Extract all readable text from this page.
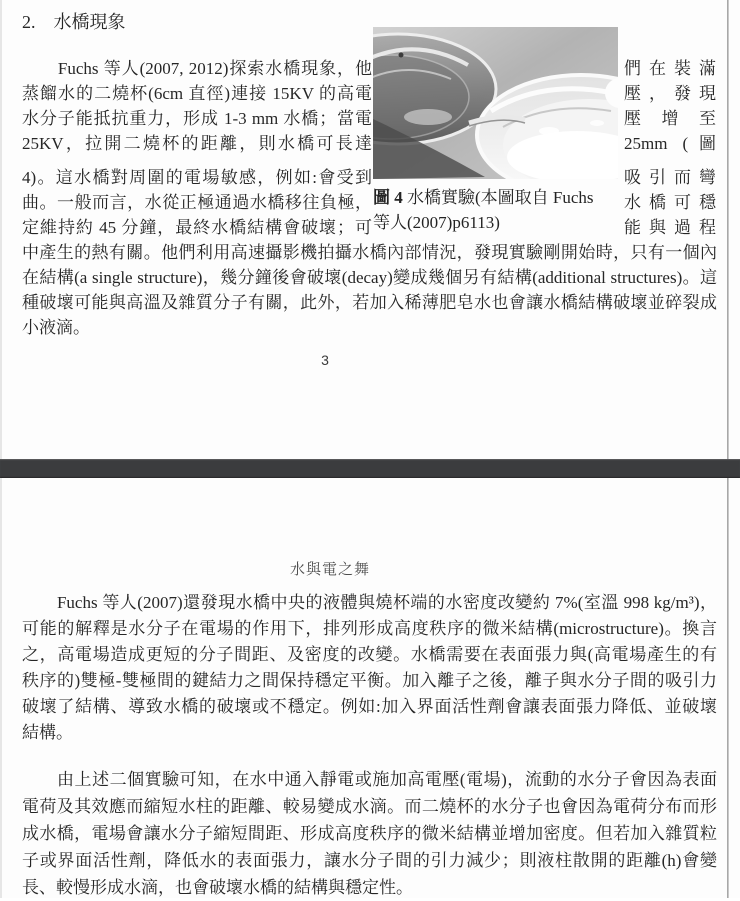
2.　水橋現象
　　Fuchs 等人(2007, 2012)探索水橋現象，他
蒸餾水的二燒杯(6cm 直徑)連接 15KV 的高電
水分子能抵抗重力，形成 1-3 mm 水橋；當電
25KV，拉開二燒杯的距離，則水橋可長達
4)。這水橋對周圍的電場敏感，例如:會受到
曲。一般而言，水從正極通過水橋移往負極，
定維持約 45 分鐘，最終水橋結構會破壞；可
圖 4 水橋實驗(本圖取自 Fuchs 等人(2007)p6113)
們在裝滿
壓，發現
壓增至
25mm (圖
吸引而彎
水橋可穩
能與過程
中產生的熱有關。他們利用高速攝影機拍攝水橋內部情況，發現實驗剛開始時，只有一個內
在結構(a single structure)，幾分鐘後會破壞(decay)變成幾個另有結構(additional structures)。這
種破壞可能與高溫及雜質分子有關，此外，若加入稀薄肥皂水也會讓水橋結構破壞並碎裂成
小液滴。
3
水與電之舞
　　Fuchs 等人(2007)還發現水橋中央的液體與燒杯端的水密度改變約 7%(室溫 998 kg/m³)，
可能的解釋是水分子在電場的作用下，排列形成高度秩序的微米結構(microstructure)。換言
之，高電場造成更短的分子間距、及密度的改變。水橋需要在表面張力與(高電場產生的有
秩序的)雙極-雙極間的鍵結力之間保持穩定平衡。加入離子之後，離子與水分子間的吸引力
破壞了結構、導致水橋的破壞或不穩定。例如:加入界面活性劑會讓表面張力降低、並破壞
結構。
　　由上述二個實驗可知，在水中通入靜電或施加高電壓(電場)，流動的水分子會因為表面
電荷及其效應而縮短水柱的距離、較易變成水滴。而二燒杯的水分子也會因為電荷分布而形
成水橋，電場會讓水分子縮短間距、形成高度秩序的微米結構並增加密度。但若加入雜質粒
子或界面活性劑，降低水的表面張力，讓水分子間的引力減少；則液柱散開的距離(h)會變
長、較慢形成水滴，也會破壞水橋的結構與穩定性。
